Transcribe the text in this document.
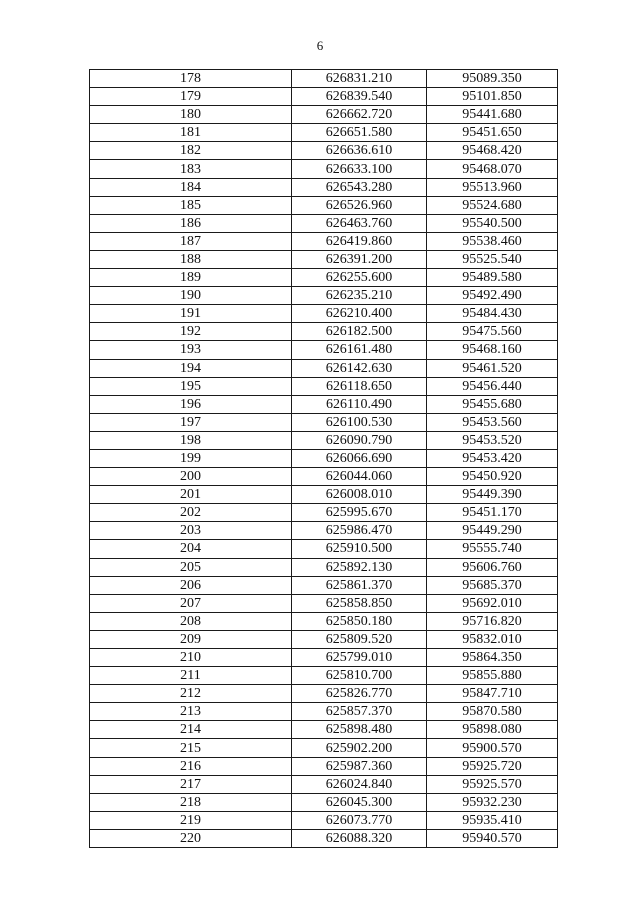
6
178	626831.210	95089.350
179	626839.540	95101.850
180	626662.720	95441.680
181	626651.580	95451.650
182	626636.610	95468.420
183	626633.100	95468.070
184	626543.280	95513.960
185	626526.960	95524.680
186	626463.760	95540.500
187	626419.860	95538.460
188	626391.200	95525.540
189	626255.600	95489.580
190	626235.210	95492.490
191	626210.400	95484.430
192	626182.500	95475.560
193	626161.480	95468.160
194	626142.630	95461.520
195	626118.650	95456.440
196	626110.490	95455.680
197	626100.530	95453.560
198	626090.790	95453.520
199	626066.690	95453.420
200	626044.060	95450.920
201	626008.010	95449.390
202	625995.670	95451.170
203	625986.470	95449.290
204	625910.500	95555.740
205	625892.130	95606.760
206	625861.370	95685.370
207	625858.850	95692.010
208	625850.180	95716.820
209	625809.520	95832.010
210	625799.010	95864.350
211	625810.700	95855.880
212	625826.770	95847.710
213	625857.370	95870.580
214	625898.480	95898.080
215	625902.200	95900.570
216	625987.360	95925.720
217	626024.840	95925.570
218	626045.300	95932.230
219	626073.770	95935.410
220	626088.320	95940.570
